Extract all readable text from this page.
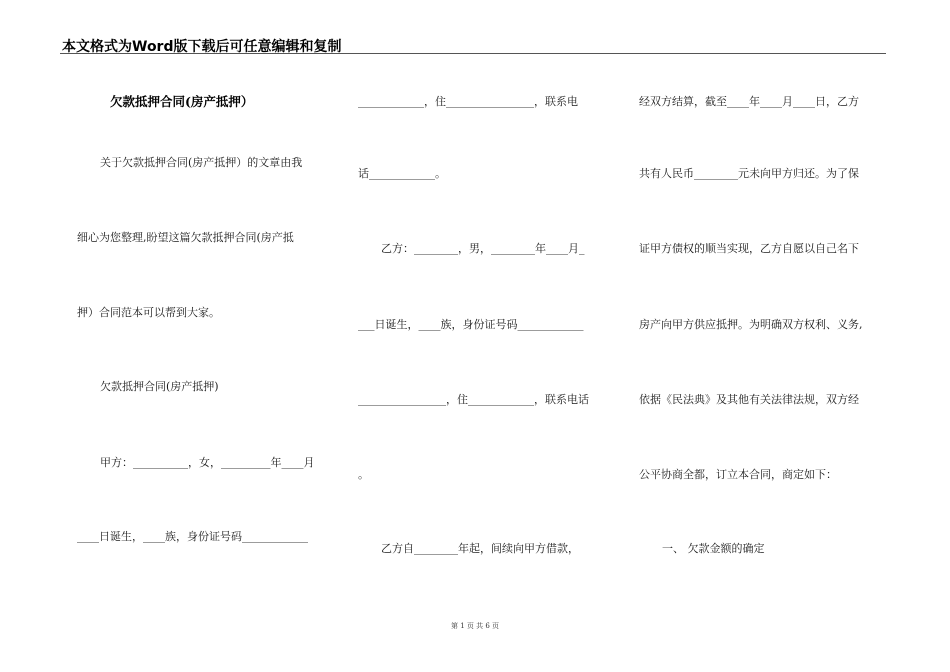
本文格式为Word版下载后可任意编辑和复制
欠款抵押合同(房产抵押）
关于欠款抵押合同(房产抵押）的文章由我
细心为您整理,盼望这篇欠款抵押合同(房产抵
押）合同范本可以帮到大家。
欠款抵押合同(房产抵押)
甲方：__________，女，_________年____月
____日诞生，____族，身份证号码____________
____________，住________________，联系电
话____________。
乙方：________，男，________年____月_
___日诞生，____族，身份证号码____________
________________，住____________，联系电话
。
乙方自________年起，间续向甲方借款，
经双方结算，截至____年____月____日，乙方
共有人民币________元未向甲方归还。为了保
证甲方债权的顺当实现，乙方自愿以自己名下
房产向甲方供应抵押。为明确双方权利、义务,
依据《民法典》及其他有关法律法规，双方经
公平协商全都，订立本合同，商定如下：
一、 欠款金额的确定
第 1 页 共 6 页
